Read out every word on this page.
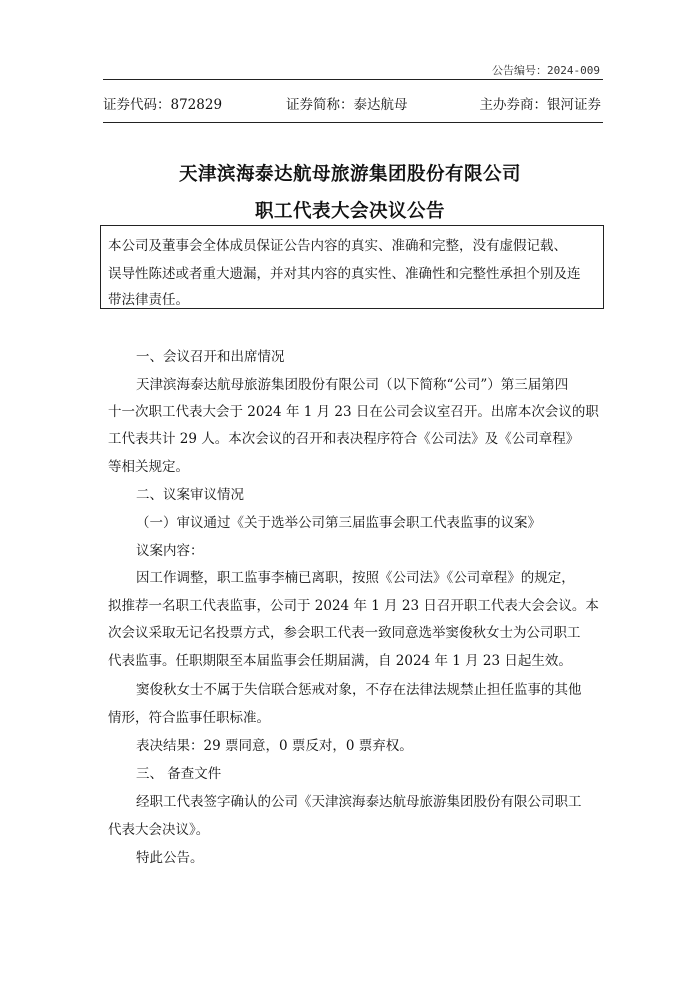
公告编号：2024-009
证券代码：872829	证券简称：泰达航母	主办券商：银河证券
天津滨海泰达航母旅游集团股份有限公司
职工代表大会决议公告
本公司及董事会全体成员保证公告内容的真实、准确和完整，没有虚假记载、
误导性陈述或者重大遗漏，并对其内容的真实性、准确性和完整性承担个别及连
带法律责任。
一、会议召开和出席情况
天津滨海泰达航母旅游集团股份有限公司（以下简称“公司”）第三届第四
十一次职工代表大会于 2024 年 1 月 23 日在公司会议室召开。出席本次会议的职
工代表共计 29 人。本次会议的召开和表决程序符合《公司法》及《公司章程》
等相关规定。
二、议案审议情况
（一）审议通过《关于选举公司第三届监事会职工代表监事的议案》
议案内容：
因工作调整，职工监事李楠已离职，按照《公司法》《公司章程》的规定，
拟推荐一名职工代表监事，公司于 2024 年 1 月 23 日召开职工代表大会会议。本
次会议采取无记名投票方式，参会职工代表一致同意选举窦俊秋女士为公司职工
代表监事。任职期限至本届监事会任期届满，自 2024 年 1 月 23 日起生效。
窦俊秋女士不属于失信联合惩戒对象，不存在法律法规禁止担任监事的其他
情形，符合监事任职标准。
表决结果：29 票同意，0 票反对，0 票弃权。
三、 备查文件
经职工代表签字确认的公司《天津滨海泰达航母旅游集团股份有限公司职工
代表大会决议》。
特此公告。
